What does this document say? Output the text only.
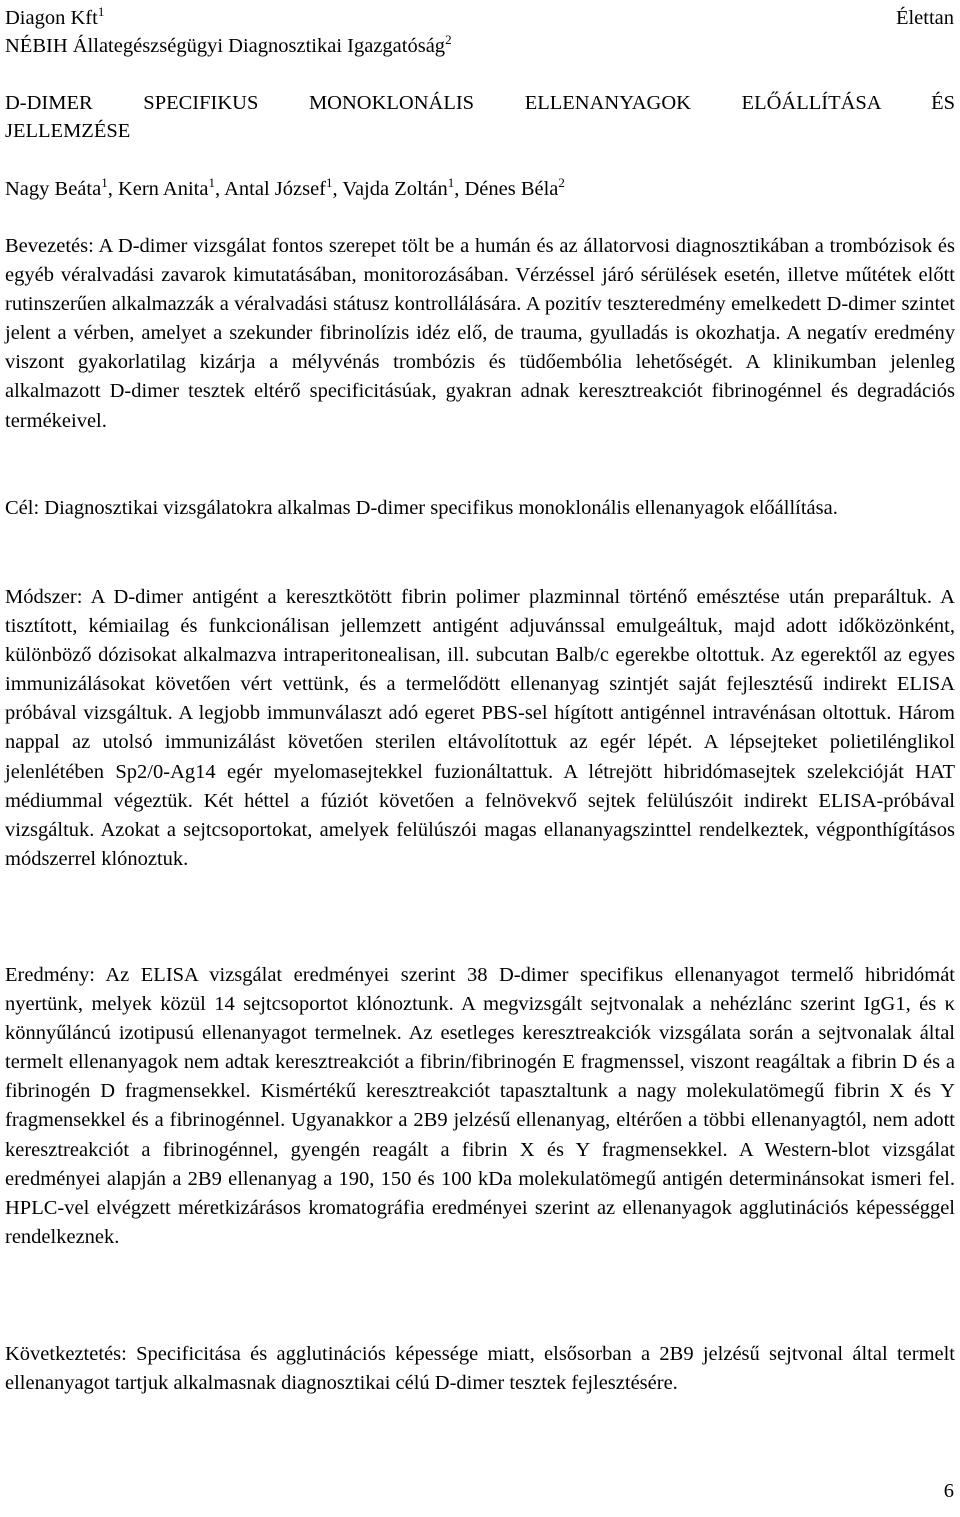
Diagon Kft$^1$	Élettan
NÉBIH Állategészségügyi Diagnosztikai Igazgatóság$^2$
D-DIMER SPECIFIKUS MONOKLONÁLIS ELLENANYAGOK ELŐÁLLÍTÁSA ÉS
JELLEMZÉSE
Nagy Beáta$^1$, Kern Anita$^1$, Antal József$^1$, Vajda Zoltán$^1$, Dénes Béla$^2$

Bevezetés: A D-dimer vizsgálat fontos szerepet tölt be a humán és az állatorvosi diagnosztikában a trombózisok és egyéb véralvadási zavarok kimutatásában, monitorozásában. Vérzéssel járó sérülések esetén, illetve műtétek előtt rutinszerűen alkalmazzák a véralvadási státusz kontrollálására. A pozitív teszteredmény emelkedett D-dimer szintet jelent a vérben, amelyet a szekunder fibrinolízis idéz elő, de trauma, gyulladás is okozhatja. A negatív eredmény viszont gyakorlatilag kizárja a mélyvénás trombózis és tüdőembólia lehetőségét. A klinikumban jelenleg alkalmazott D-dimer tesztek eltérő specificitásúak, gyakran adnak keresztreakciót fibrinogénnel és degradációs termékeivel.

Cél: Diagnosztikai vizsgálatokra alkalmas D-dimer specifikus monoklonális ellenanyagok előállítása.

Módszer: A D-dimer antigént a keresztkötött fibrin polimer plazminnal történő emésztése után preparáltuk. A tisztított, kémiailag és funkcionálisan jellemzett antigént adjuvánssal emulgeáltuk, majd adott időközönként, különböző dózisokat alkalmazva intraperitonealisan, ill. subcutan Balb/c egerekbe oltottuk. Az egerektől az egyes immunizálásokat követően vért vettünk, és a termelődött ellenanyag szintjét saját fejlesztésű indirekt ELISA próbával vizsgáltuk. A legjobb immunválaszt adó egeret PBS-sel hígított antigénnel intravénásan oltottuk. Három nappal az utolsó immunizálást követően sterilen eltávolítottuk az egér lépét. A lépsejteket polietilénglikol jelenlétében Sp2/0-Ag14 egér myelomasejtekkel fuzionáltattuk. A létrejött hibridómasejtek szelekcióját HAT médiummal végeztük. Két héttel a fúziót követően a felnövekvő sejtek felülúszóit indirekt ELISA-próbával vizsgáltuk. Azokat a sejtcsoportokat, amelyek felülúszói magas ellananyagszinttel rendelkeztek, végponthígításos módszerrel klónoztuk.

Eredmény: Az ELISA vizsgálat eredményei szerint 38 D-dimer specifikus ellenanyagot termelő hibridómát nyertünk, melyek közül 14 sejtcsoportot klónoztunk. A megvizsgált sejtvonalak a nehézlánc szerint IgG1, és κ könnyűláncú izotipusú ellenanyagot termelnek. Az esetleges keresztreakciók vizsgálata során a sejtvonalak által termelt ellenanyagok nem adtak keresztreakciót a fibrin/fibrinogén E fragmenssel, viszont reagáltak a fibrin D és a fibrinogén D fragmensekkel. Kismértékű keresztreakciót tapasztaltunk a nagy molekulatömegű fibrin X és Y fragmensekkel és a fibrinogénnel. Ugyanakkor a 2B9 jelzésű ellenanyag, eltérően a többi ellenanyagtól, nem adott keresztreakciót a fibrinogénnel, gyengén reagált a fibrin X és Y fragmensekkel. A Western-blot vizsgálat eredményei alapján a 2B9 ellenanyag a 190, 150 és 100 kDa molekulatömegű antigén determinánsokat ismeri fel. HPLC-vel elvégzett méretkizárásos kromatográfia eredményei szerint az ellenanyagok agglutinációs képességgel rendelkeznek.

Következtetés: Specificitása és agglutinációs képessége miatt, elsősorban a 2B9 jelzésű sejtvonal által termelt ellenanyagot tartjuk alkalmasnak diagnosztikai célú D-dimer tesztek fejlesztésére.

6
